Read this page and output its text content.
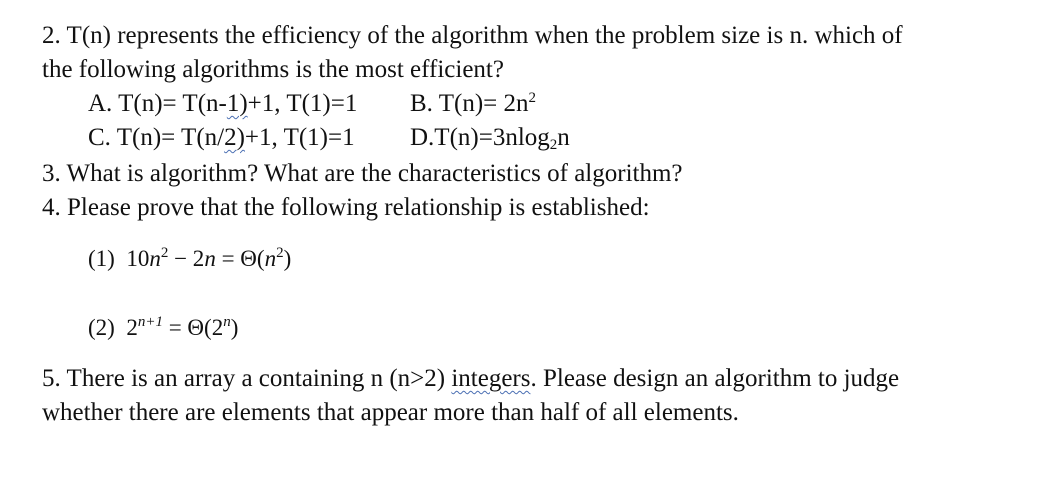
2. T(n) represents the efficiency of the algorithm when the problem size is n. which of
the following algorithms is the most efficient?
A. T(n)= T(n-1)+1, T(1)=1 B. $T(n)= 2n^2$
C. T(n)= T(n/2)+1, T(1)=1 D.T(n)=3nlog2n
3. What is algorithm? What are the characteristics of algorithm?
4. Please prove that the following relationship is established:
(1) $10n^2 - 2n = \Theta(n^2)$
(2) $2^{n+1} = \Theta(2^n)$
5. There is an array a containing n (n>2) integers. Please design an algorithm to judge
whether there are elements that appear more than half of all elements.
